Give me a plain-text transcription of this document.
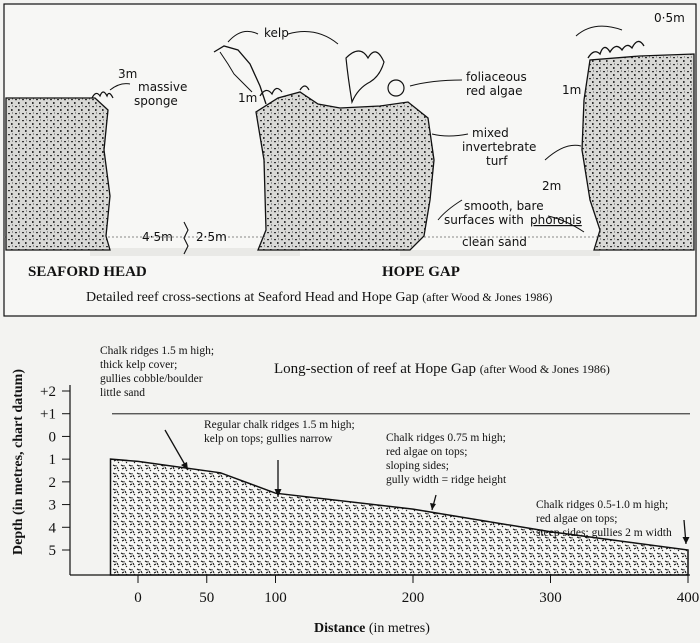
kelp
massive
sponge
foliaceous
red algae
mixed
invertebrate
turf
smooth, bare
surfaces with phoronis
clean sand
3m
1m
1m
2m
0·5m
4·5m 2·5m
SEAFORD HEAD	HOPE GAP
Detailed reef cross-sections at Seaford Head and Hope Gap (after Wood & Jones 1986)
Long-section of reef at Hope Gap (after Wood & Jones 1986)
+2
+1
0
1
2
3
4
5
0	50	100	200	300	400
Depth (in metres, chart datum)
Distance (in metres)
Chalk ridges 1.5 m high; thick kelp cover; gullies cobble/boulder little sand
Regular chalk ridges 1.5 m high; kelp on tops; gullies narrow	Chalk ridges 0.75 m high; red algae on tops; sloping sides; gully width = ridge height
Chalk ridges 0.5-1.0 m high; red algae on tops; steep sides; gullies 2 m width
